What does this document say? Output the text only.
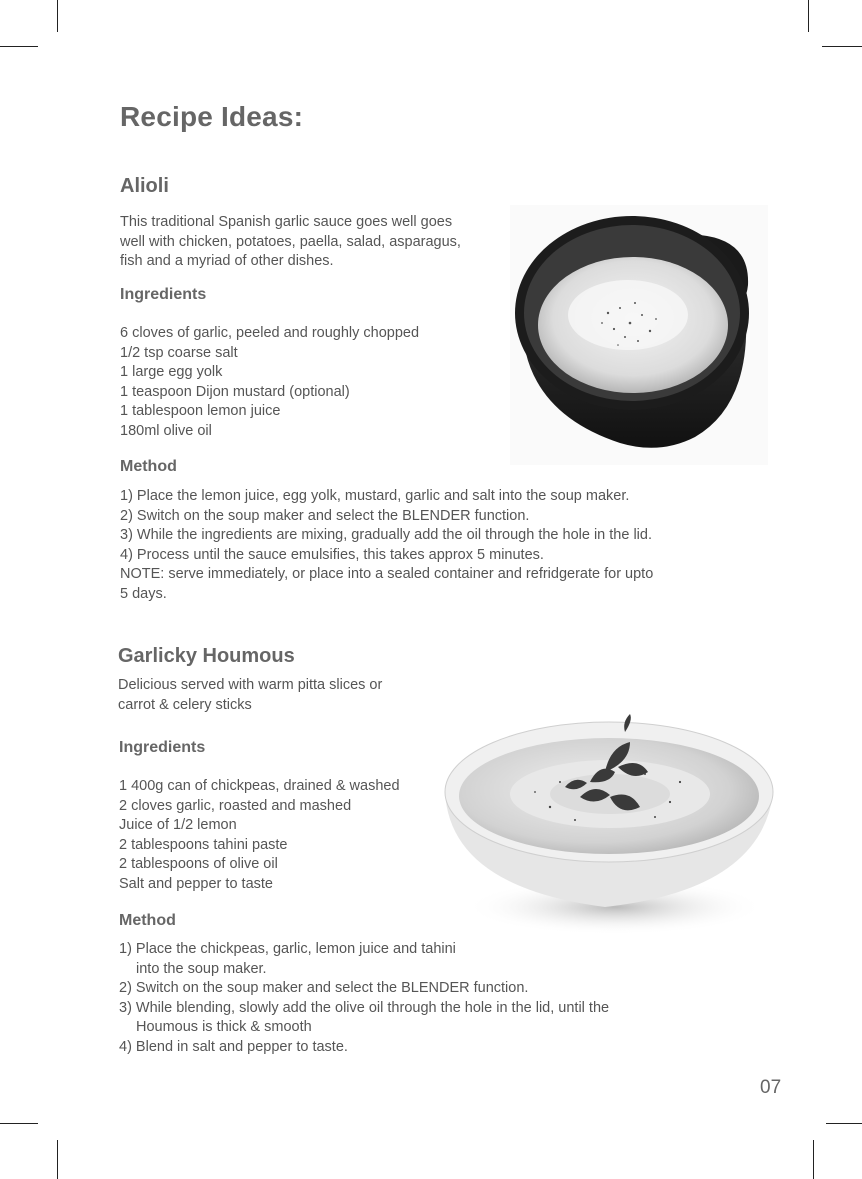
Recipe Ideas:
Alioli
This traditional Spanish garlic sauce goes well goes
well with chicken, potatoes, paella, salad, asparagus,
fish and a myriad of other dishes.
Ingredients
6 cloves of garlic, peeled and roughly chopped
1/2 tsp coarse salt
1 large egg yolk
1 teaspoon Dijon mustard (optional)
1 tablespoon lemon juice
180ml olive oil
Method
1) Place the lemon juice, egg yolk, mustard, garlic and salt into the soup maker.
2) Switch on the soup maker and select the BLENDER function.
3) While the ingredients are mixing, gradually add the oil through the hole in the lid.
4) Process until the sauce emulsifies, this takes approx 5 minutes.
NOTE: serve immediately, or place into a sealed container and refridgerate for upto
5 days.
Garlicky Houmous
Delicious served with warm pitta slices or
carrot & celery sticks
Ingredients
1 400g can of chickpeas, drained & washed
2 cloves garlic, roasted and mashed
Juice of 1/2 lemon
2 tablespoons tahini paste
2 tablespoons of olive oil
Salt and pepper to taste
Method
1) Place the chickpeas, garlic, lemon juice and tahini
into the soup maker.
2) Switch on the soup maker and select the BLENDER function.
3) While blending, slowly add the olive oil through the hole in the lid, until the
Houmous is thick & smooth
4) Blend in salt and pepper to taste.
07
